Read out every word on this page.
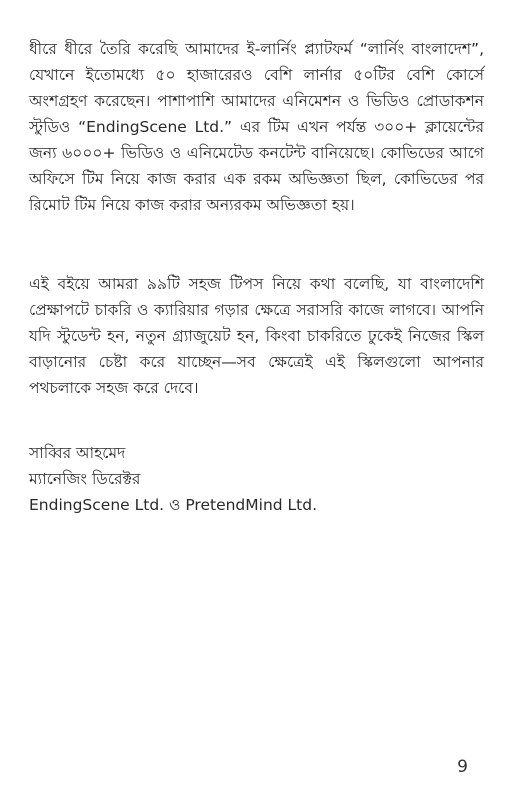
ধীরে ধীরে তৈরি করেছি আমাদের ই-লার্নিং প্ল্যাটফর্ম “লার্নিং বাংলাদেশ”, যেখানে ইতোমধ্যে ৫০ হাজারেরও বেশি লার্নার ৫০টির বেশি কোর্সে অংশগ্রহণ করেছেন। পাশাপাশি আমাদের এনিমেশন ও ভিডিও প্রোডাকশন স্টুডিও “EndingScene Ltd.” এর টিম এখন পর্যন্ত ৩০০+ ক্লায়েন্টের জন্য ৬০০০+ ভিডিও ও এনিমেটেড কনটেন্ট বানিয়েছে। কোভিডের আগে অফিসে টিম নিয়ে কাজ করার এক রকম অভিজ্ঞতা ছিল, কোভিডের পর রিমোট টিম নিয়ে কাজ করার অন্যরকম অভিজ্ঞতা হয়।

এই বইয়ে আমরা ৯৯টি সহজ টিপস নিয়ে কথা বলেছি, যা বাংলাদেশি প্রেক্ষাপটে চাকরি ও ক্যারিয়ার গড়ার ক্ষেত্রে সরাসরি কাজে লাগবে। আপনি যদি স্টুডেন্ট হন, নতুন গ্র্যাজুয়েট হন, কিংবা চাকরিতে ঢুকেই নিজের স্কিল বাড়ানোর চেষ্টা করে যাচ্ছেন—সব ক্ষেত্রেই এই স্কিলগুলো আপনার পথচলাকে সহজ করে দেবে।

সাব্বির আহমেদ
ম্যানেজিং ডিরেক্টর
EndingScene Ltd. ও PretendMind Ltd.
9
